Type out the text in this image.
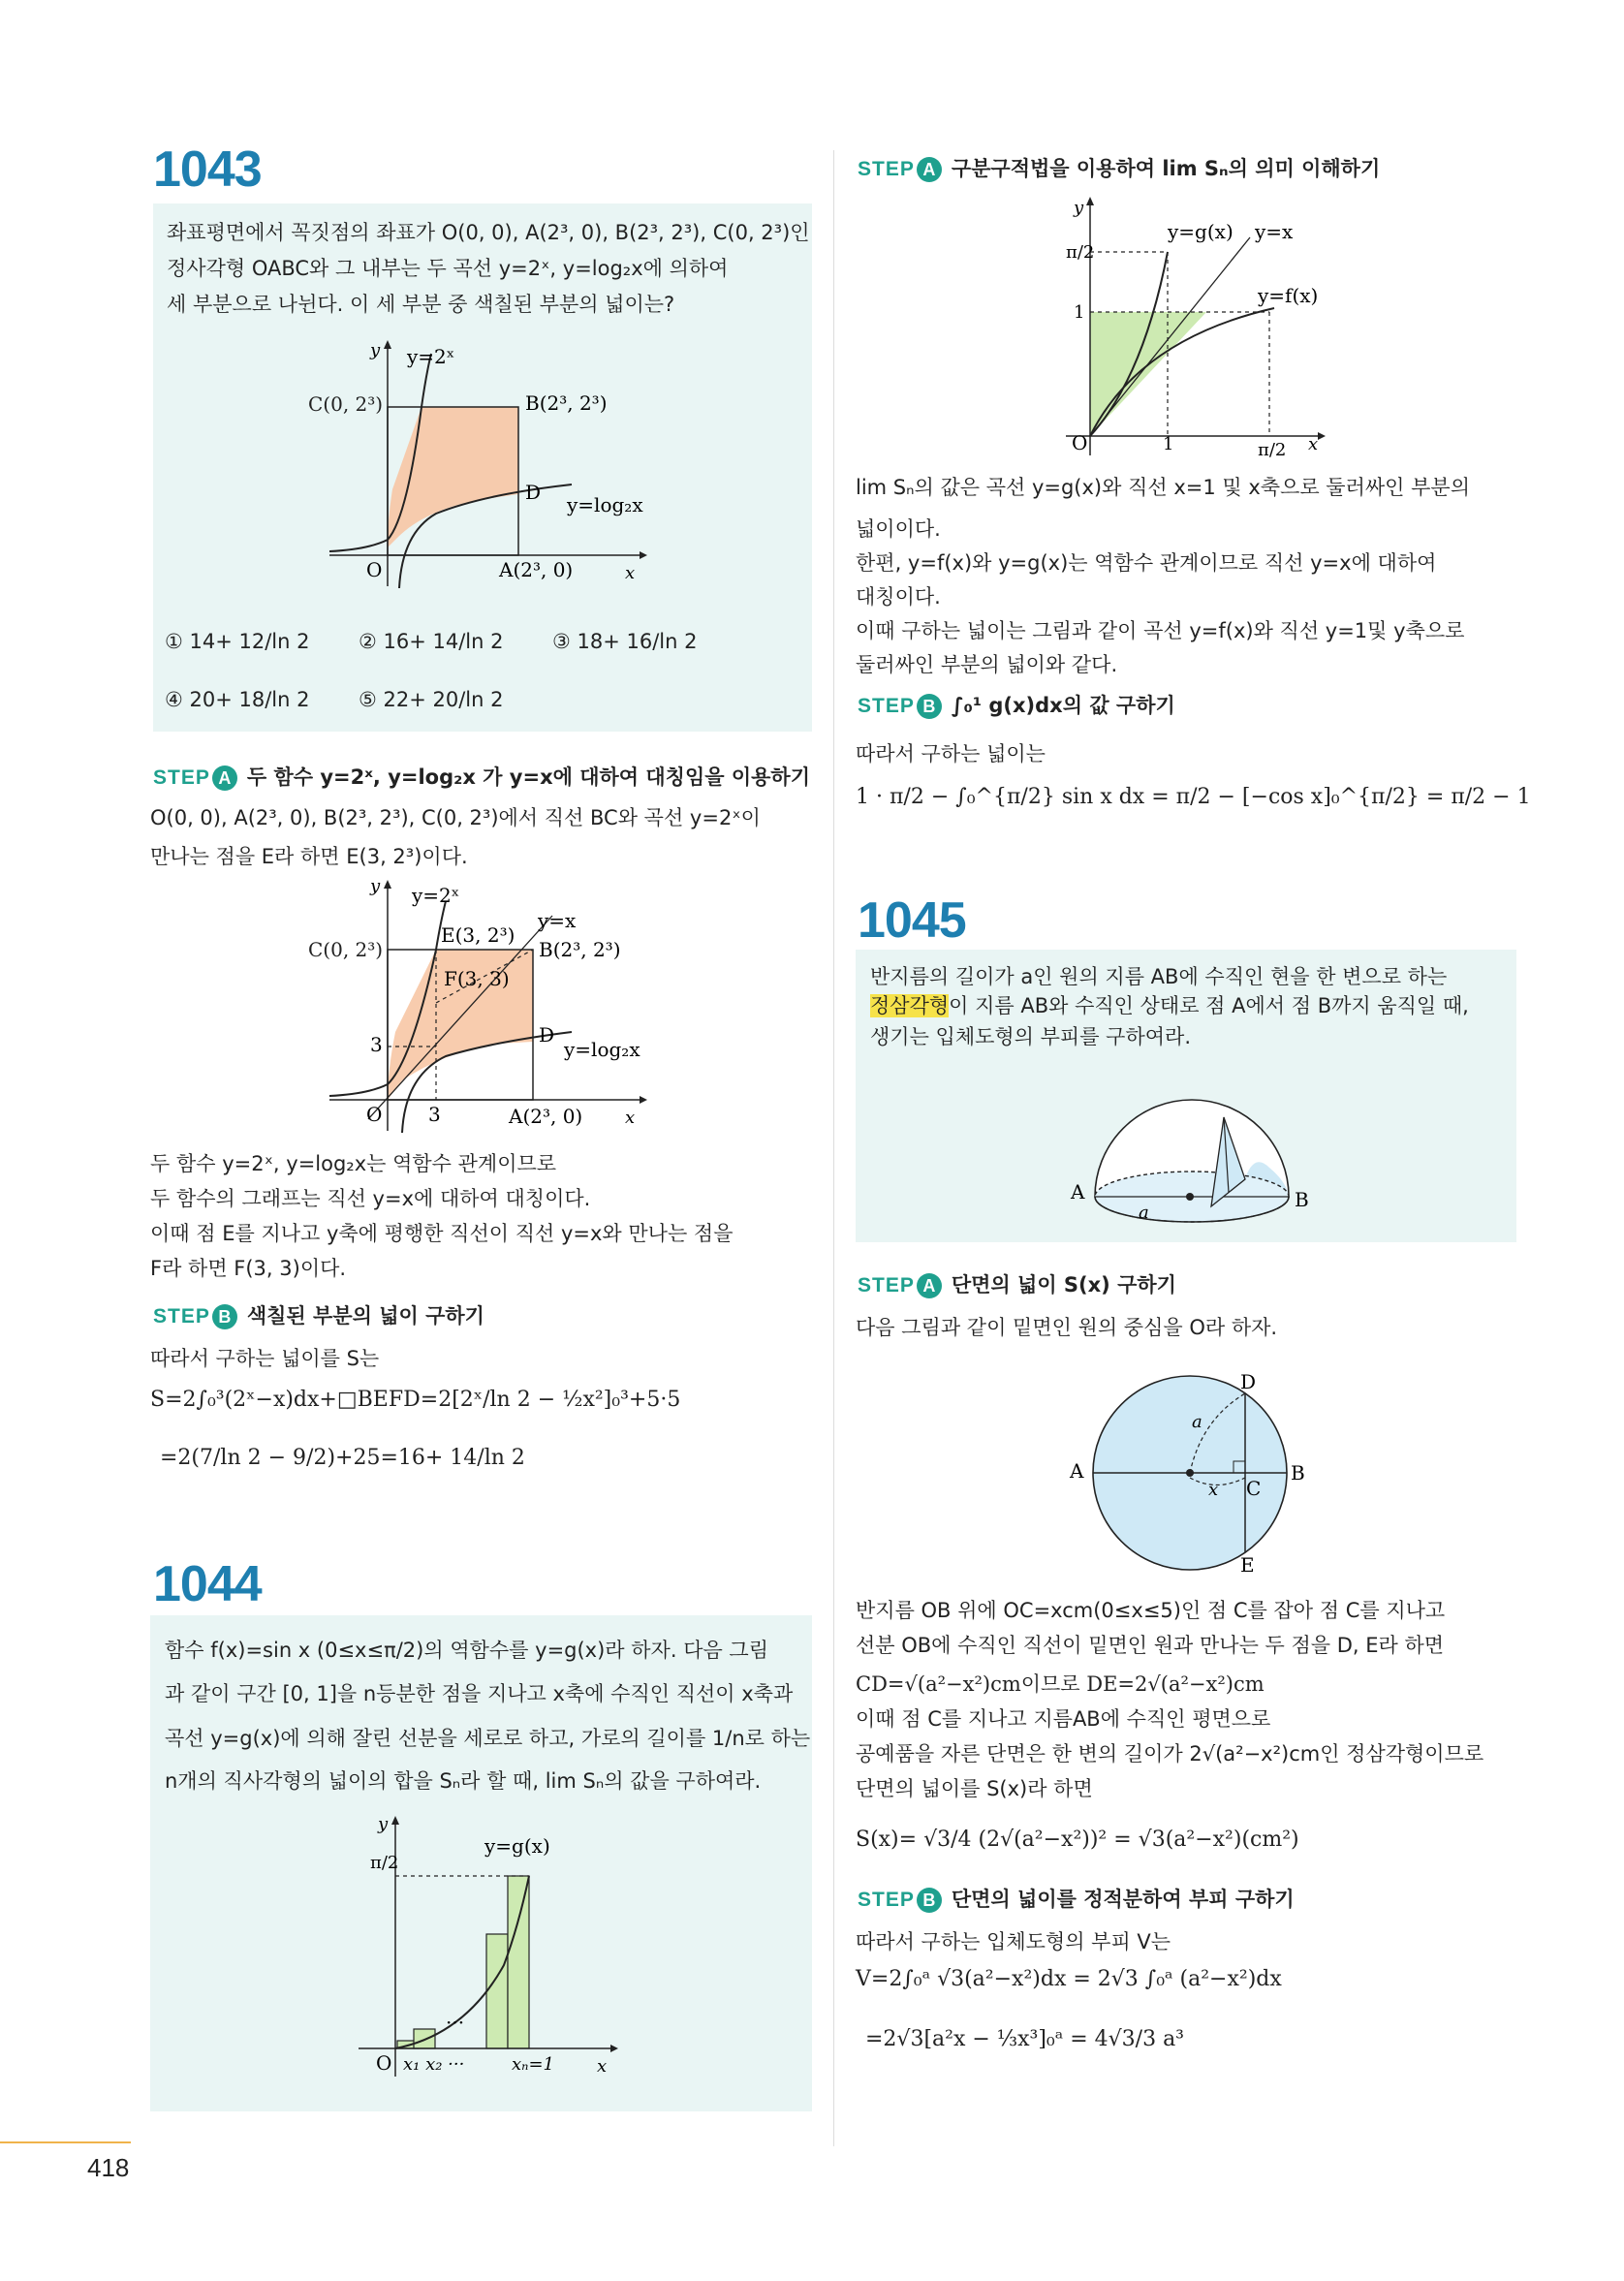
1043
좌표평면에서 꼭짓점의 좌표가 O(0, 0), A(2³, 0), B(2³, 2³), C(0, 2³)인
정사각형 OABC와 그 내부는 두 곡선 y=2ˣ, y=log₂x에 의하여
세 부분으로 나뉜다. 이 세 부분 중 색칠된 부분의 넓이는?
y y=2ˣ
B(2³, 2³)
D
y=log₂x
O	A(2³, 0)	x
C(0, 2³)
① 14+ 12/ln 2 ② 16+ 14/ln 2 ③ 18+ 16/ln 2
④ 20+ 18/ln 2 ⑤ 22+ 20/ln 2
STEP A 두 함수 y=2ˣ, y=log₂x 가 y=x에 대하여 대칭임을 이용하기
O(0, 0), A(2³, 0), B(2³, 2³), C(0, 2³)에서 직선 BC와 곡선 y=2ˣ이
만나는 점을 E라 하면 E(3, 2³)이다.
y y=2ˣ
E(3, 2³)
y=x
F(3, 3)
B(2³, 2³)
3	D
y=log₂x
O 3	A(2³, 0) x
C(0, 2³)
두 함수 y=2ˣ, y=log₂x는 역함수 관계이므로
두 함수의 그래프는 직선 y=x에 대하여 대칭이다.
이때 점 E를 지나고 y축에 평행한 직선이 직선 y=x와 만나는 점을
F라 하면 F(3, 3)이다.
STEP B 색칠된 부분의 넓이 구하기
따라서 구하는 넓이를 S는
S=2∫₀³(2ˣ−x)dx+□BEFD=2[2ˣ/ln 2 − ½x²]₀³+5·5
=2(7/ln 2 − 9/2)+25=16+ 14/ln 2
1044
함수 f(x)=sin x (0≤x≤π/2)의 역함수를 y=g(x)라 하자. 다음 그림
과 같이 구간 [0, 1]을 n등분한 점을 지나고 x축에 수직인 직선이 x축과
곡선 y=g(x)에 의해 잘린 선분을 세로로 하고, 가로의 길이를 1/n로 하는
n개의 직사각형의 넓이의 합을 Sₙ라 할 때, lim Sₙ의 값을 구하여라.
y
π/2
y=g(x)
···
O x₁ x₂ ···	xₙ=1 x
418
STEP A 구분구적법을 이용하여 lim Sₙ의 의미 이해하기
y
π/2
1
y=g(x) y=x
y=f(x)
O	1	π/2 x
lim Sₙ의 값은 곡선 y=g(x)와 직선 x=1 및 x축으로 둘러싸인 부분의
넓이이다.
한편, y=f(x)와 y=g(x)는 역함수 관계이므로 직선 y=x에 대하여
대칭이다.
이때 구하는 넓이는 그림과 같이 곡선 y=f(x)와 직선 y=1및 y축으로
둘러싸인 부분의 넓이와 같다.
STEP B ∫₀¹ g(x)dx의 값 구하기
따라서 구하는 넓이는
1 · π/2 − ∫₀^{π/2} sin x dx = π/2 − [−cos x]₀^{π/2} = π/2 − 1
1045
반지름의 길이가 a인 원의 지름 AB에 수직인 현을 한 변으로 하는
정삼각형이 지름 AB와 수직인 상태로 점 A에서 점 B까지 움직일 때,
생기는 입체도형의 부피를 구하여라.
A
a
B
STEP A 단면의 넓이 S(x) 구하기
다음 그림과 같이 밑면인 원의 중심을 O라 하자.
D
a
A
x C
B
E
반지름 OB 위에 OC=xcm(0≤x≤5)인 점 C를 잡아 점 C를 지나고
선분 OB에 수직인 직선이 밑면인 원과 만나는 두 점을 D, E라 하면
CD=√(a²−x²)cm이므로 DE=2√(a²−x²)cm
이때 점 C를 지나고 지름AB에 수직인 평면으로
공예품을 자른 단면은 한 변의 길이가 2√(a²−x²)cm인 정삼각형이므로
단면의 넓이를 S(x)라 하면
S(x)= √3/4 (2√(a²−x²))² = √3(a²−x²)(cm²)
STEP B 단면의 넓이를 정적분하여 부피 구하기
따라서 구하는 입체도형의 부피 V는
V=2∫₀ᵃ √3(a²−x²)dx = 2√3 ∫₀ᵃ (a²−x²)dx
=2√3[a²x − ⅓x³]₀ᵃ = 4√3/3 a³
